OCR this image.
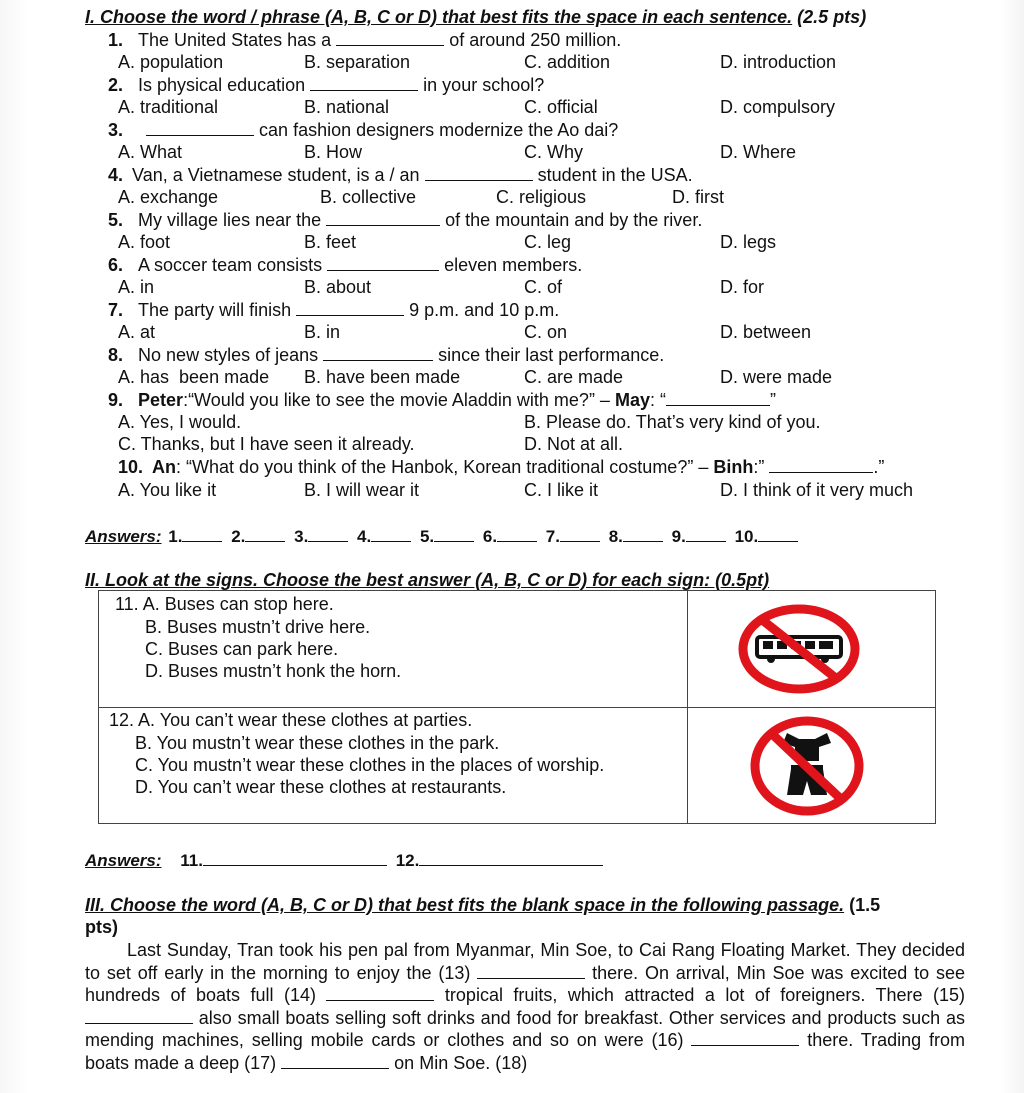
I. Choose the word / phrase (A, B, C or D) that best fits the space in each sentence. (2.5 pts)
1. The United States has a	of around 250 million.
A. population	B. separation	C. addition	D. introduction
2. Is physical education	in your school?
A. traditional	B. national	C. official	D. compulsory
3.	can fashion designers modernize the Ao dai?
A. What	B. How	C. Why	D. Where
4. Van, a Vietnamese student, is a / an	student in the USA.
A. exchange	B. collective	C. religious	D. first
5. My village lies near the	of the mountain and by the river.
A. foot	B. feet	C. leg	D. legs
6. A soccer team consists	eleven members.
A. in	B. about	C. of	D. for
7. The party will finish	9 p.m. and 10 p.m.
A. at	B. in	C. on	D. between
8. No new styles of jeans	since their last performance.
A. has  been made B. have been made	C. are made	D. were made
9. Peter:“Would you like to see the movie Aladdin with me?” – May: “	”
A. Yes, I would.	B. Please do. That’s very kind of you.
C. Thanks, but I have seen it already.	D. Not at all.
10. An: “What do you think of the Hanbok, Korean traditional costume?” – Binh:”	.”
A. You like it	B. I will wear it	C. I like it	D. I think of it very much
Answers: 1.	2.	3.	4.	5.	6.	7.	8.	9.	10.
II. Look at the signs. Choose the best answer (A, B, C or D) for each sign: (0.5pt)
11. A. Buses can stop here.
B. Buses mustn’t drive here.
C. Buses can park here.
D. Buses mustn’t honk the horn.
12. A. You can’t wear these clothes at parties.
B. You mustn’t wear these clothes in the park.
C. You mustn’t wear these clothes in the places of worship.
D. You can’t wear these clothes at restaurants.
Answers: 11.	12.
III. Choose the word (A, B, C or D) that best fits the blank space in the following passage. (1.5
pts)

Last Sunday, Tran took his pen pal from Myanmar, Min Soe, to Cai Rang Floating Market. They decided to set off early in the morning to enjoy the (13)	there. On arrival, Min Soe was excited to see hundreds of boats full (14)	tropical fruits, which attracted a lot of foreigners. There (15)  also small boats selling soft drinks and food for breakfast. Other services and products such as mending machines, selling mobile cards or clothes and so on were (16)	there. Trading from boats made a deep (17)	on Min Soe. (18)
